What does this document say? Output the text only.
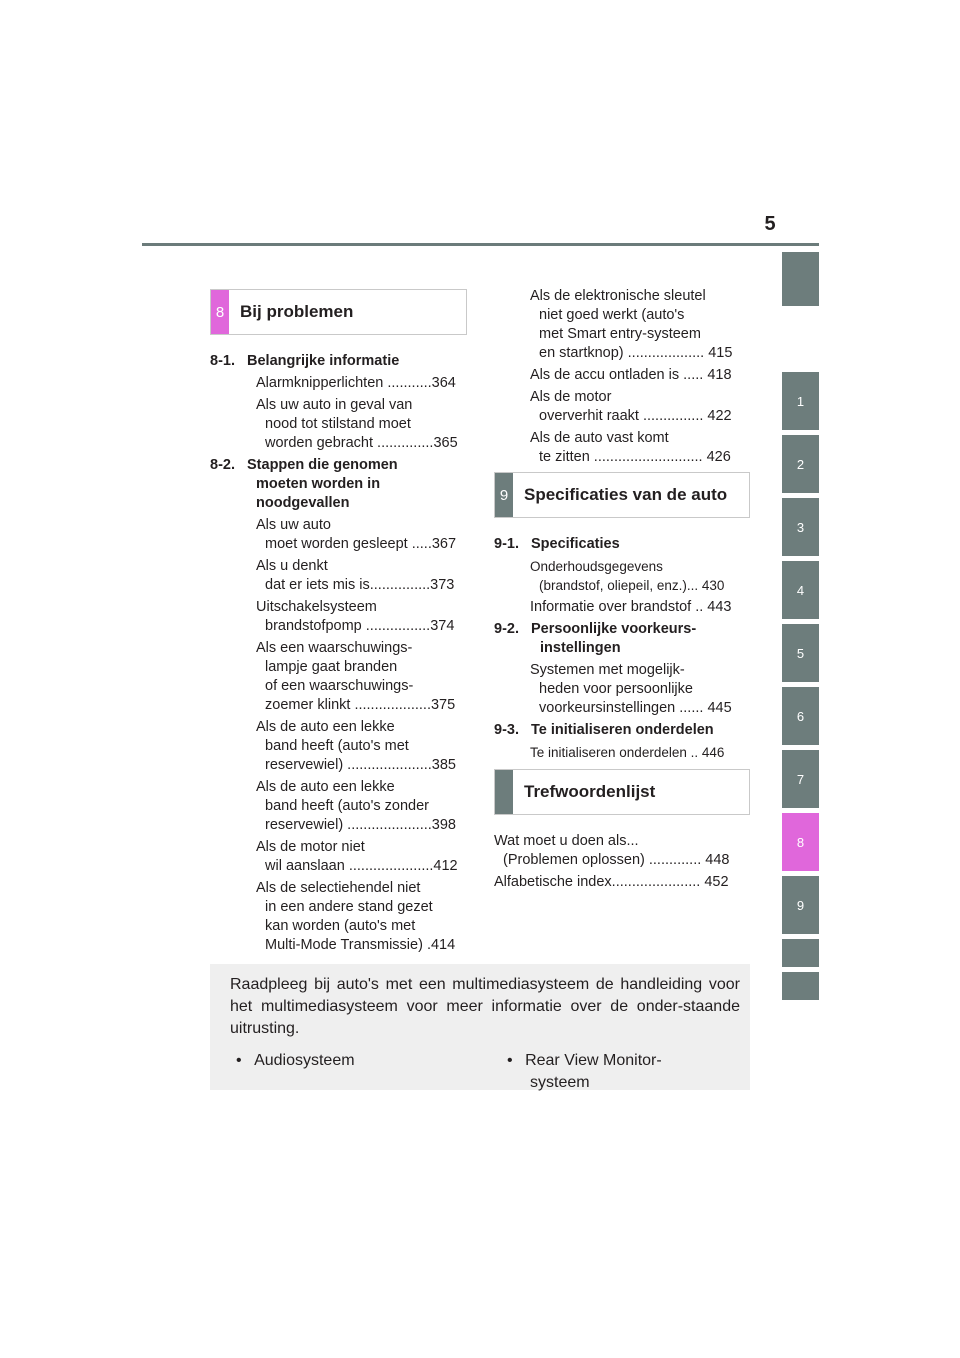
5
1
2
3
4
5
6
7
8
9
8 Bij problemen
8-1. Belangrijke informatie
Alarmknipperlichten ...........364
Als uw auto in geval van
nood tot stilstand moet
worden gebracht ..............365
8-2. Stappen die genomen
moeten worden in
noodgevallen
Als uw auto
moet worden gesleept .....367
Als u denkt
dat er iets mis is...............373
Uitschakelsysteem
brandstofpomp ................374
Als een waarschuwings-
lampje gaat branden
of een waarschuwings-
zoemer klinkt ...................375
Als de auto een lekke
band heeft (auto's met
reservewiel) .....................385
Als de auto een lekke
band heeft (auto's zonder
reservewiel) .....................398
Als de motor niet
wil aanslaan .....................412
Als de selectiehendel niet
in een andere stand gezet
kan worden (auto's met
Multi-Mode Transmissie) .414
Als de elektronische sleutel
niet goed werkt (auto's
met Smart entry-systeem
en startknop) ................... 415
Als de accu ontladen is ..... 418
Als de motor
oververhit raakt ............... 422
Als de auto vast komt
te zitten ........................... 426
9 Specificaties van de auto
9-1. Specificaties
Onderhoudsgegevens
(brandstof, oliepeil, enz.)... 430
Informatie over brandstof .. 443
9-2. Persoonlijke voorkeurs-
instellingen
Systemen met mogelijk-
heden voor persoonlijke
voorkeursinstellingen ...... 445
9-3. Te initialiseren onderdelen
Te initialiseren onderdelen .. 446
Trefwoordenlijst
Wat moet u doen als...
(Problemen oplossen) ............. 448
Alfabetische index...................... 452
Raadpleeg bij auto's met een multimediasysteem de handleiding voor het multimediasysteem voor meer informatie over de onder-staande uitrusting.
• Audiosysteem	• Rear View Monitor-
systeem
